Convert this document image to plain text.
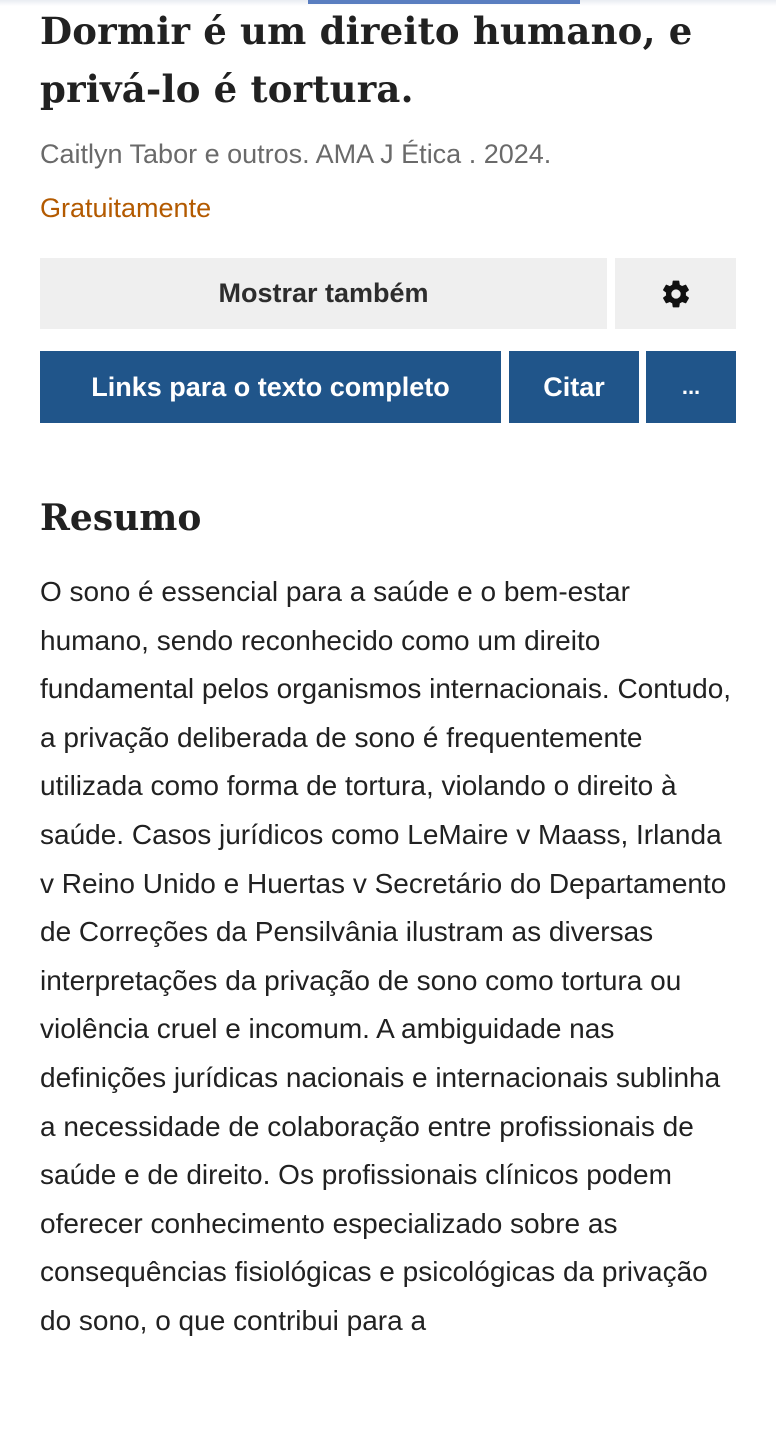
Dormir é um direito humano, e privá-lo é tortura.
Caitlyn Tabor e outros. AMA J Ética . 2024.
Gratuitamente
Mostrar também
Links para o texto completo	Citar	...
Resumo

O sono é essencial para a saúde e o bem-estar humano, sendo reconhecido como um direito fundamental pelos organismos internacionais. Contudo, a privação deliberada de sono é frequentemente utilizada como forma de tortura, violando o direito à saúde. Casos jurídicos como LeMaire v Maass, Irlanda v Reino Unido e Huertas v Secretário do Departamento de Correções da Pensilvânia ilustram as diversas interpretações da privação de sono como tortura ou violência cruel e incomum. A ambiguidade nas definições jurídicas nacionais e internacionais sublinha a necessidade de colaboração entre profissionais de saúde e de direito. Os profissionais clínicos podem oferecer conhecimento especializado sobre as consequências fisiológicas e psicológicas da privação do sono, o que contribui para a
